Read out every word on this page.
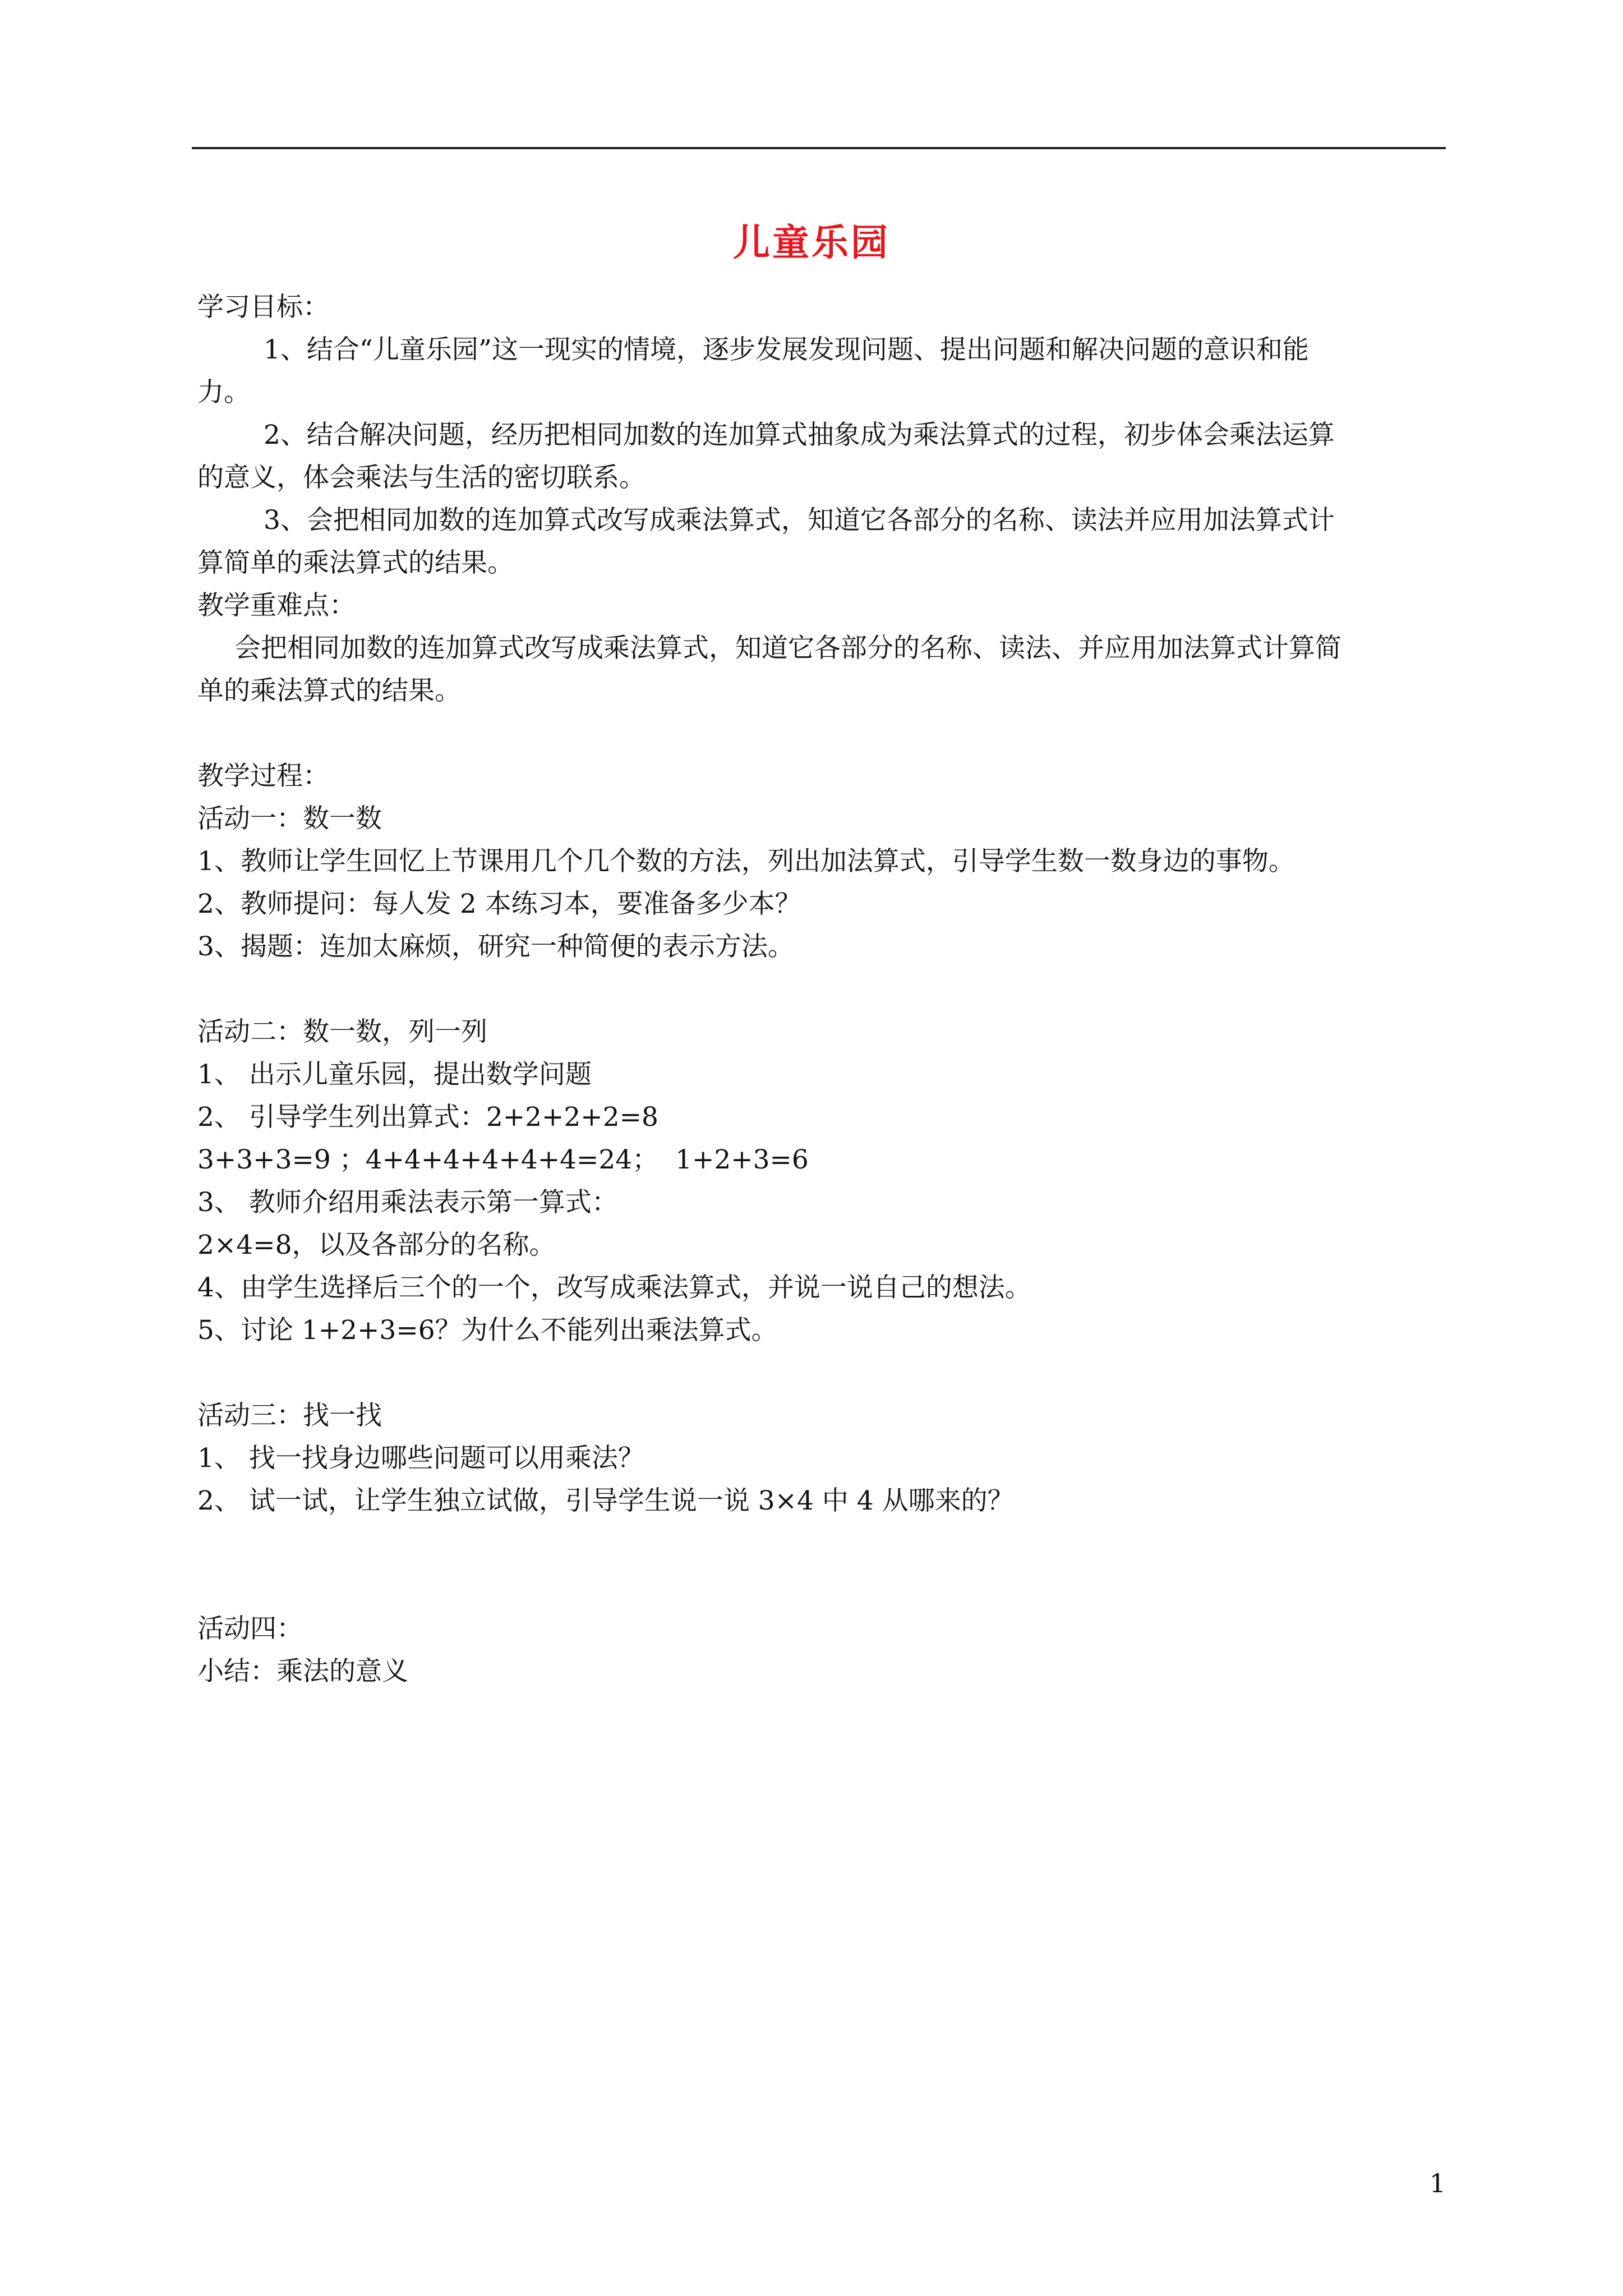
儿童乐园
学习目标：
1、结合“儿童乐园”这一现实的情境，逐步发展发现问题、提出问题和解决问题的意识和能
力。
2、结合解决问题，经历把相同加数的连加算式抽象成为乘法算式的过程，初步体会乘法运算
的意义，体会乘法与生活的密切联系。
3、会把相同加数的连加算式改写成乘法算式，知道它各部分的名称、读法并应用加法算式计
算简单的乘法算式的结果。
教学重难点：
会把相同加数的连加算式改写成乘法算式，知道它各部分的名称、读法、并应用加法算式计算简
单的乘法算式的结果。
教学过程：
活动一：数一数
1、教师让学生回忆上节课用几个几个数的方法，列出加法算式，引导学生数一数身边的事物。
2、教师提问：每人发 2 本练习本，要准备多少本？
3、揭题：连加太麻烦，研究一种简便的表示方法。
活动二：数一数，列一列
1、 出示儿童乐园，提出数学问题
2、 引导学生列出算式：2+2+2+2=8
3+3+3=9 ；4+4+4+4+4+4=24；  1+2+3=6
3、 教师介绍用乘法表示第一算式：
2×4=8，以及各部分的名称。
4、由学生选择后三个的一个，改写成乘法算式，并说一说自己的想法。
5、讨论 1+2+3=6？为什么不能列出乘法算式。
活动三：找一找
1、 找一找身边哪些问题可以用乘法？
2、 试一试，让学生独立试做，引导学生说一说 3×4 中 4 从哪来的？
活动四：
小结：乘法的意义
1
